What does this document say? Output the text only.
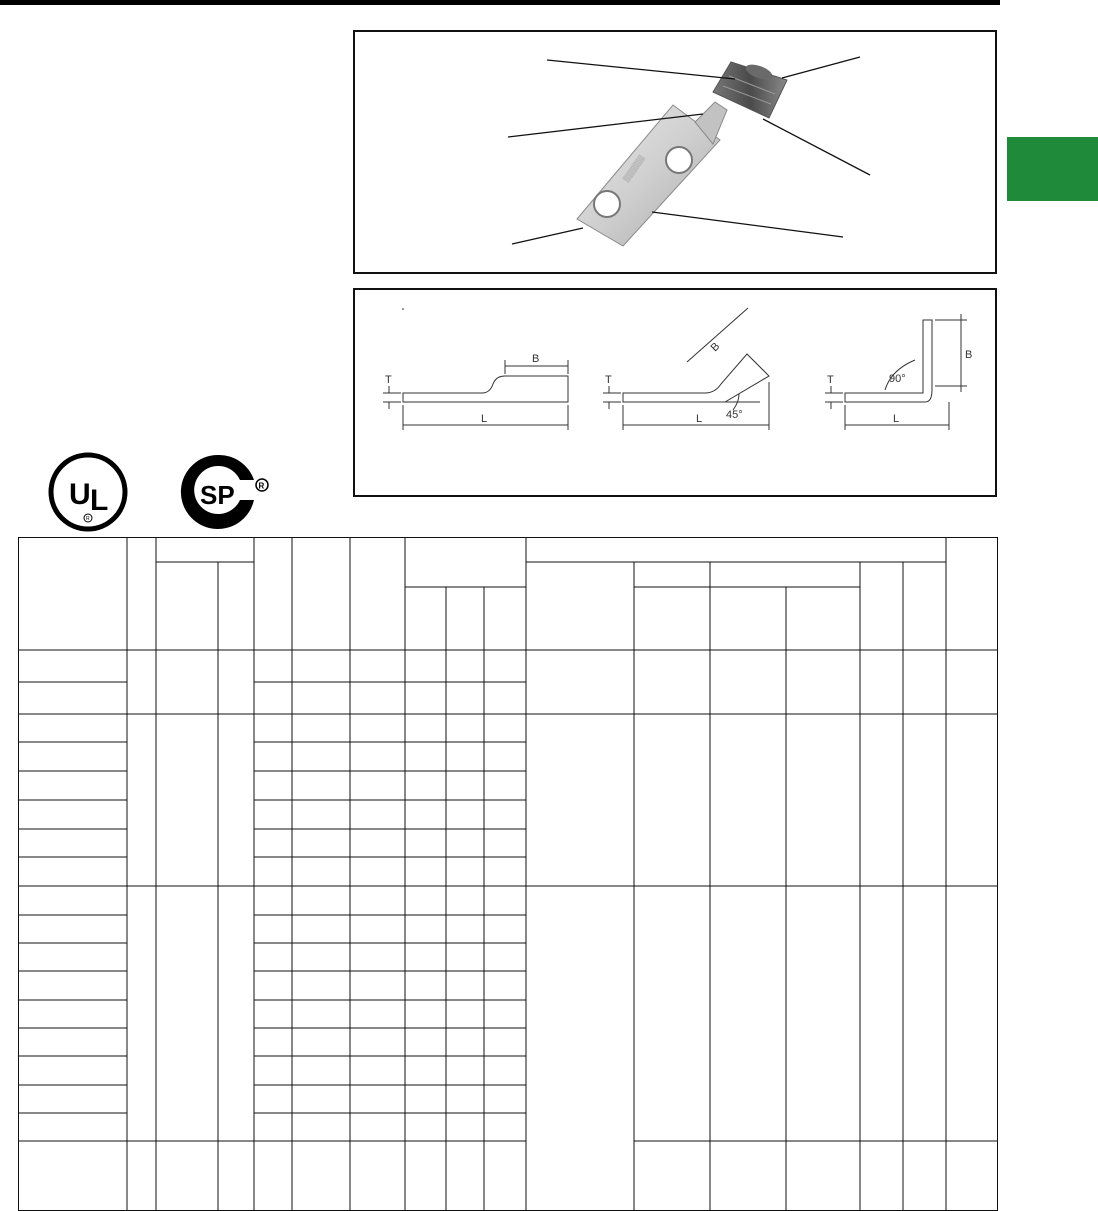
▒▒▒▒▒▒
T
B
L
T
B
L 45°
T
B
L
90°
U L
R
SP	R
